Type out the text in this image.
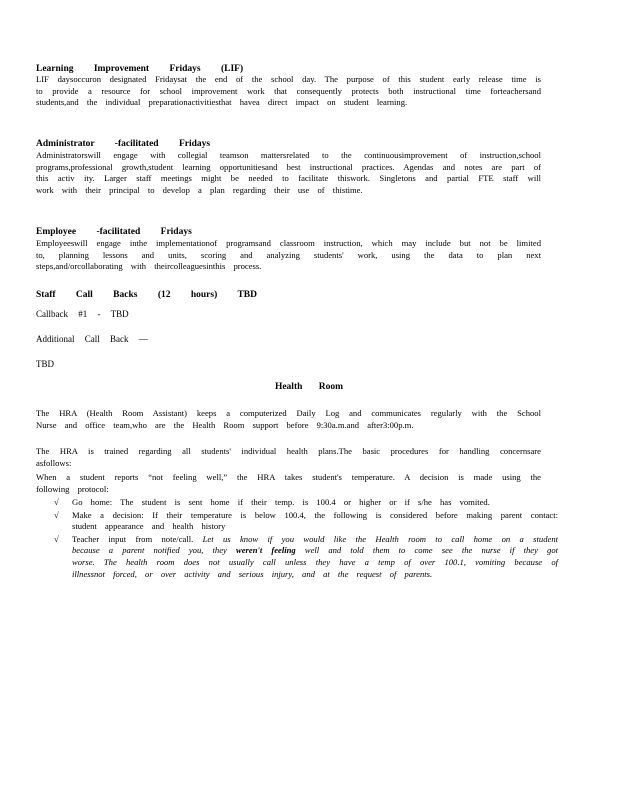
Learning Improvement Fridays (LIF)
LIF daysoccuron designated Fridaysat the end of the school day. The purpose of this student early release time is to provide a resource for school improvement work that consequently protects both instructional time forteachersand students,and the individual preparationactivitiesthat havea direct impact on student learning.
Administrator -facilitated Fridays
Administratorswill engage with collegial teamson mattersrelated to the continuousimprovement of instruction,school programs,professional growth,student learning opportunitiesand best instructional practices. Agendas and notes are part of this activ ity. Larger staff meetings might be needed to facilitate thiswork. Singletons and partial FTE staff will work with their principal to develop a plan regarding their use of thistime.
Employee -facilitated Fridays
Employeeswill engage inthe implementationof programsand classroom instruction, which may include but not be limited to, planning lessons and units, scoring and analyzing students' work, using the data to plan next steps,and/orcollaborating with theircolleaguesinthis process.
Staff Call Backs (12 hours) TBD
Callback #1 - TBD
Additional Call Back —
TBD
Health Room
The HRA (Health Room Assistant) keeps a computerized Daily Log and communicates regularly with the School Nurse and office team,who are the Health Room support before 9:30a.m.and after3:00p.m.
The HRA is trained regarding all students' individual health plans.The basic procedures for handling concernsare asfollows:
When a student reports “not feeling well,” the HRA takes student's temperature. A decision is made using the following protocol:
√ Go home: The student is sent home if their temp. is 100.4 or higher or if s/he has vomited.
√ Make a decision: If their temperature is below 100.4, the following is considered before making parent contact: student appearance and health history
√ Teacher input from note/call. Let us know if you would like the Health room to call home on a student because a parent notified you, they weren't feeling well and told them to come see the nurse if they got worse. The health room does not usually call unless they have a temp of over 100.1, vomiting because of illnessnot forced, or over activity and serious injury, and at the request of parents.
